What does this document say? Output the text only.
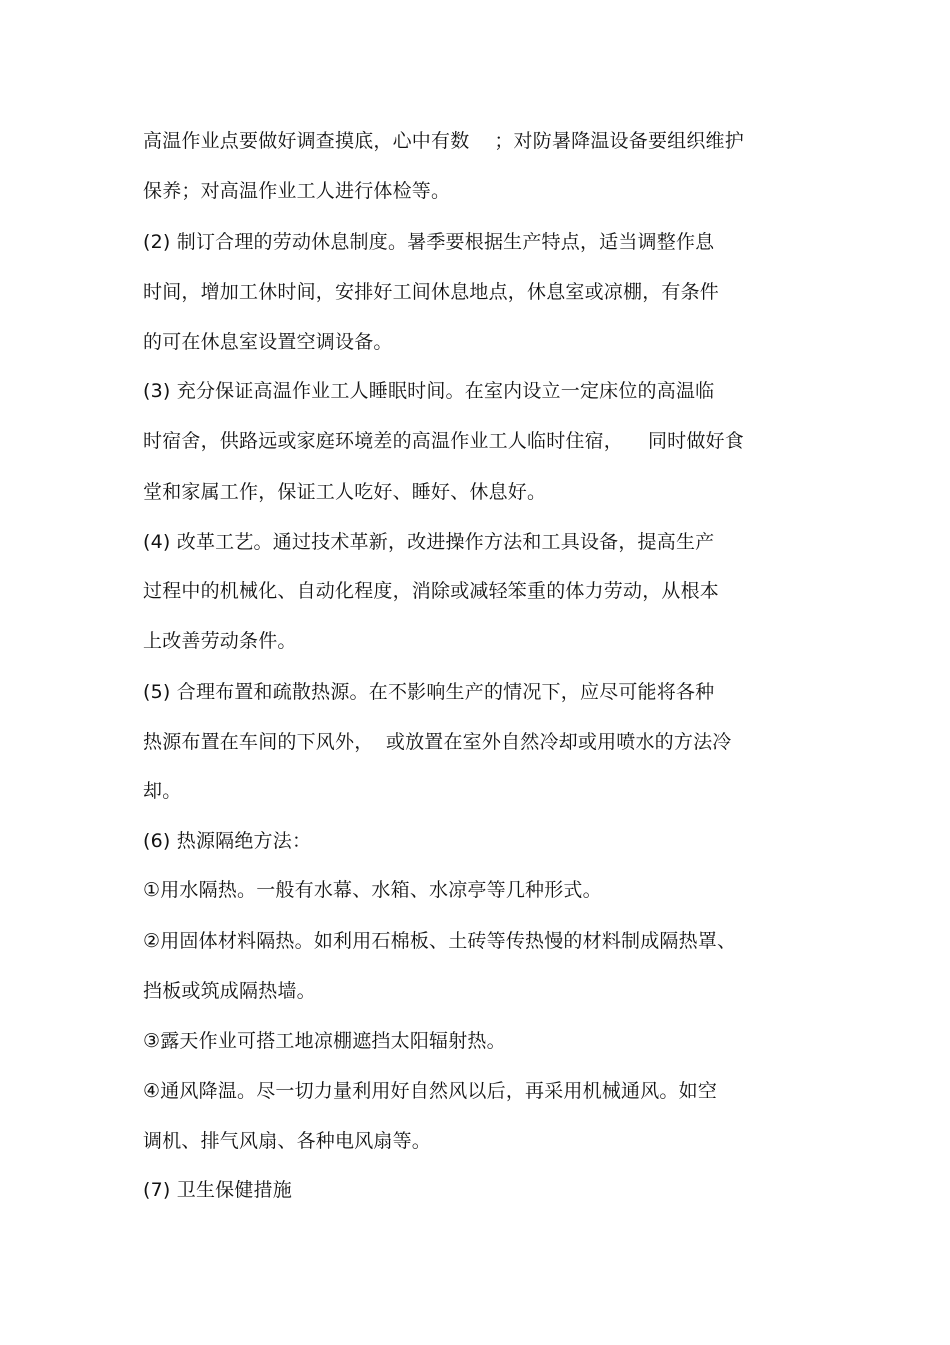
高温作业点要做好调查摸底，心中有数    ；对防暑降温设备要组织维护
保养；对高温作业工人进行体检等。
(2) 制订合理的劳动休息制度。暑季要根据生产特点，适当调整作息
时间，增加工休时间，安排好工间休息地点，休息室或凉棚，有条件
的可在休息室设置空调设备。
(3) 充分保证高温作业工人睡眠时间。在室内设立一定床位的高温临
时宿舍，供路远或家庭环境差的高温作业工人临时住宿，    同时做好食
堂和家属工作，保证工人吃好、睡好、休息好。
(4) 改革工艺。通过技术革新，改进操作方法和工具设备，提高生产
过程中的机械化、自动化程度，消除或减轻笨重的体力劳动，从根本
上改善劳动条件。
(5) 合理布置和疏散热源。在不影响生产的情况下，应尽可能将各种
热源布置在车间的下风外，  或放置在室外自然冷却或用喷水的方法冷
却。
(6) 热源隔绝方法：
①用水隔热。一般有水幕、水箱、水凉亭等几种形式。
②用固体材料隔热。如利用石棉板、土砖等传热慢的材料制成隔热罩、
挡板或筑成隔热墙。
③露天作业可搭工地凉棚遮挡太阳辐射热。
④通风降温。尽一切力量利用好自然风以后，再采用机械通风。如空
调机、排气风扇、各种电风扇等。
(7) 卫生保健措施
